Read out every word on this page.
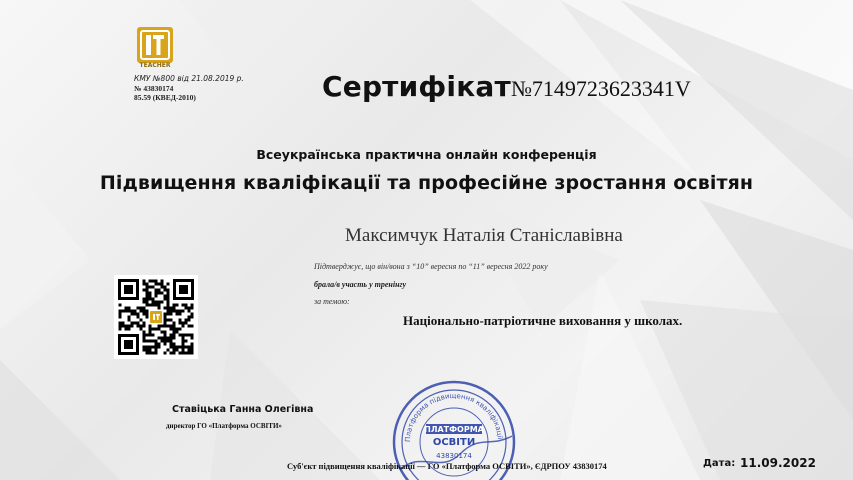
TEACHER
КМУ №800 від 21.08.2019 р.
№ 43830174
85.59 (КВЕД-2010)	Сертифікат№7149723623341V
Всеукраїнська практична онлайн конференція
Підвищення кваліфікації та професійне зростання освітян
Максимчук Наталія Станіславівна
Підтверджує, що він/вона з “10” вересня по “11” вересня 2022 року
брала/в участь у тренінгу
за темою:
Національно-патріотичне виховання у школах.
Ставіцька Ганна Олегівна
директор ГО «Платформа ОСВІТИ»
Платформа підвищення кваліфікації
ПЛАТФОРМА
ОСВІТИ
43830174
Суб'єкт підвищення кваліфікації — ГО «Платформа ОСВІТИ», ЄДРПОУ 43830174	Дата: 11.09.2022
